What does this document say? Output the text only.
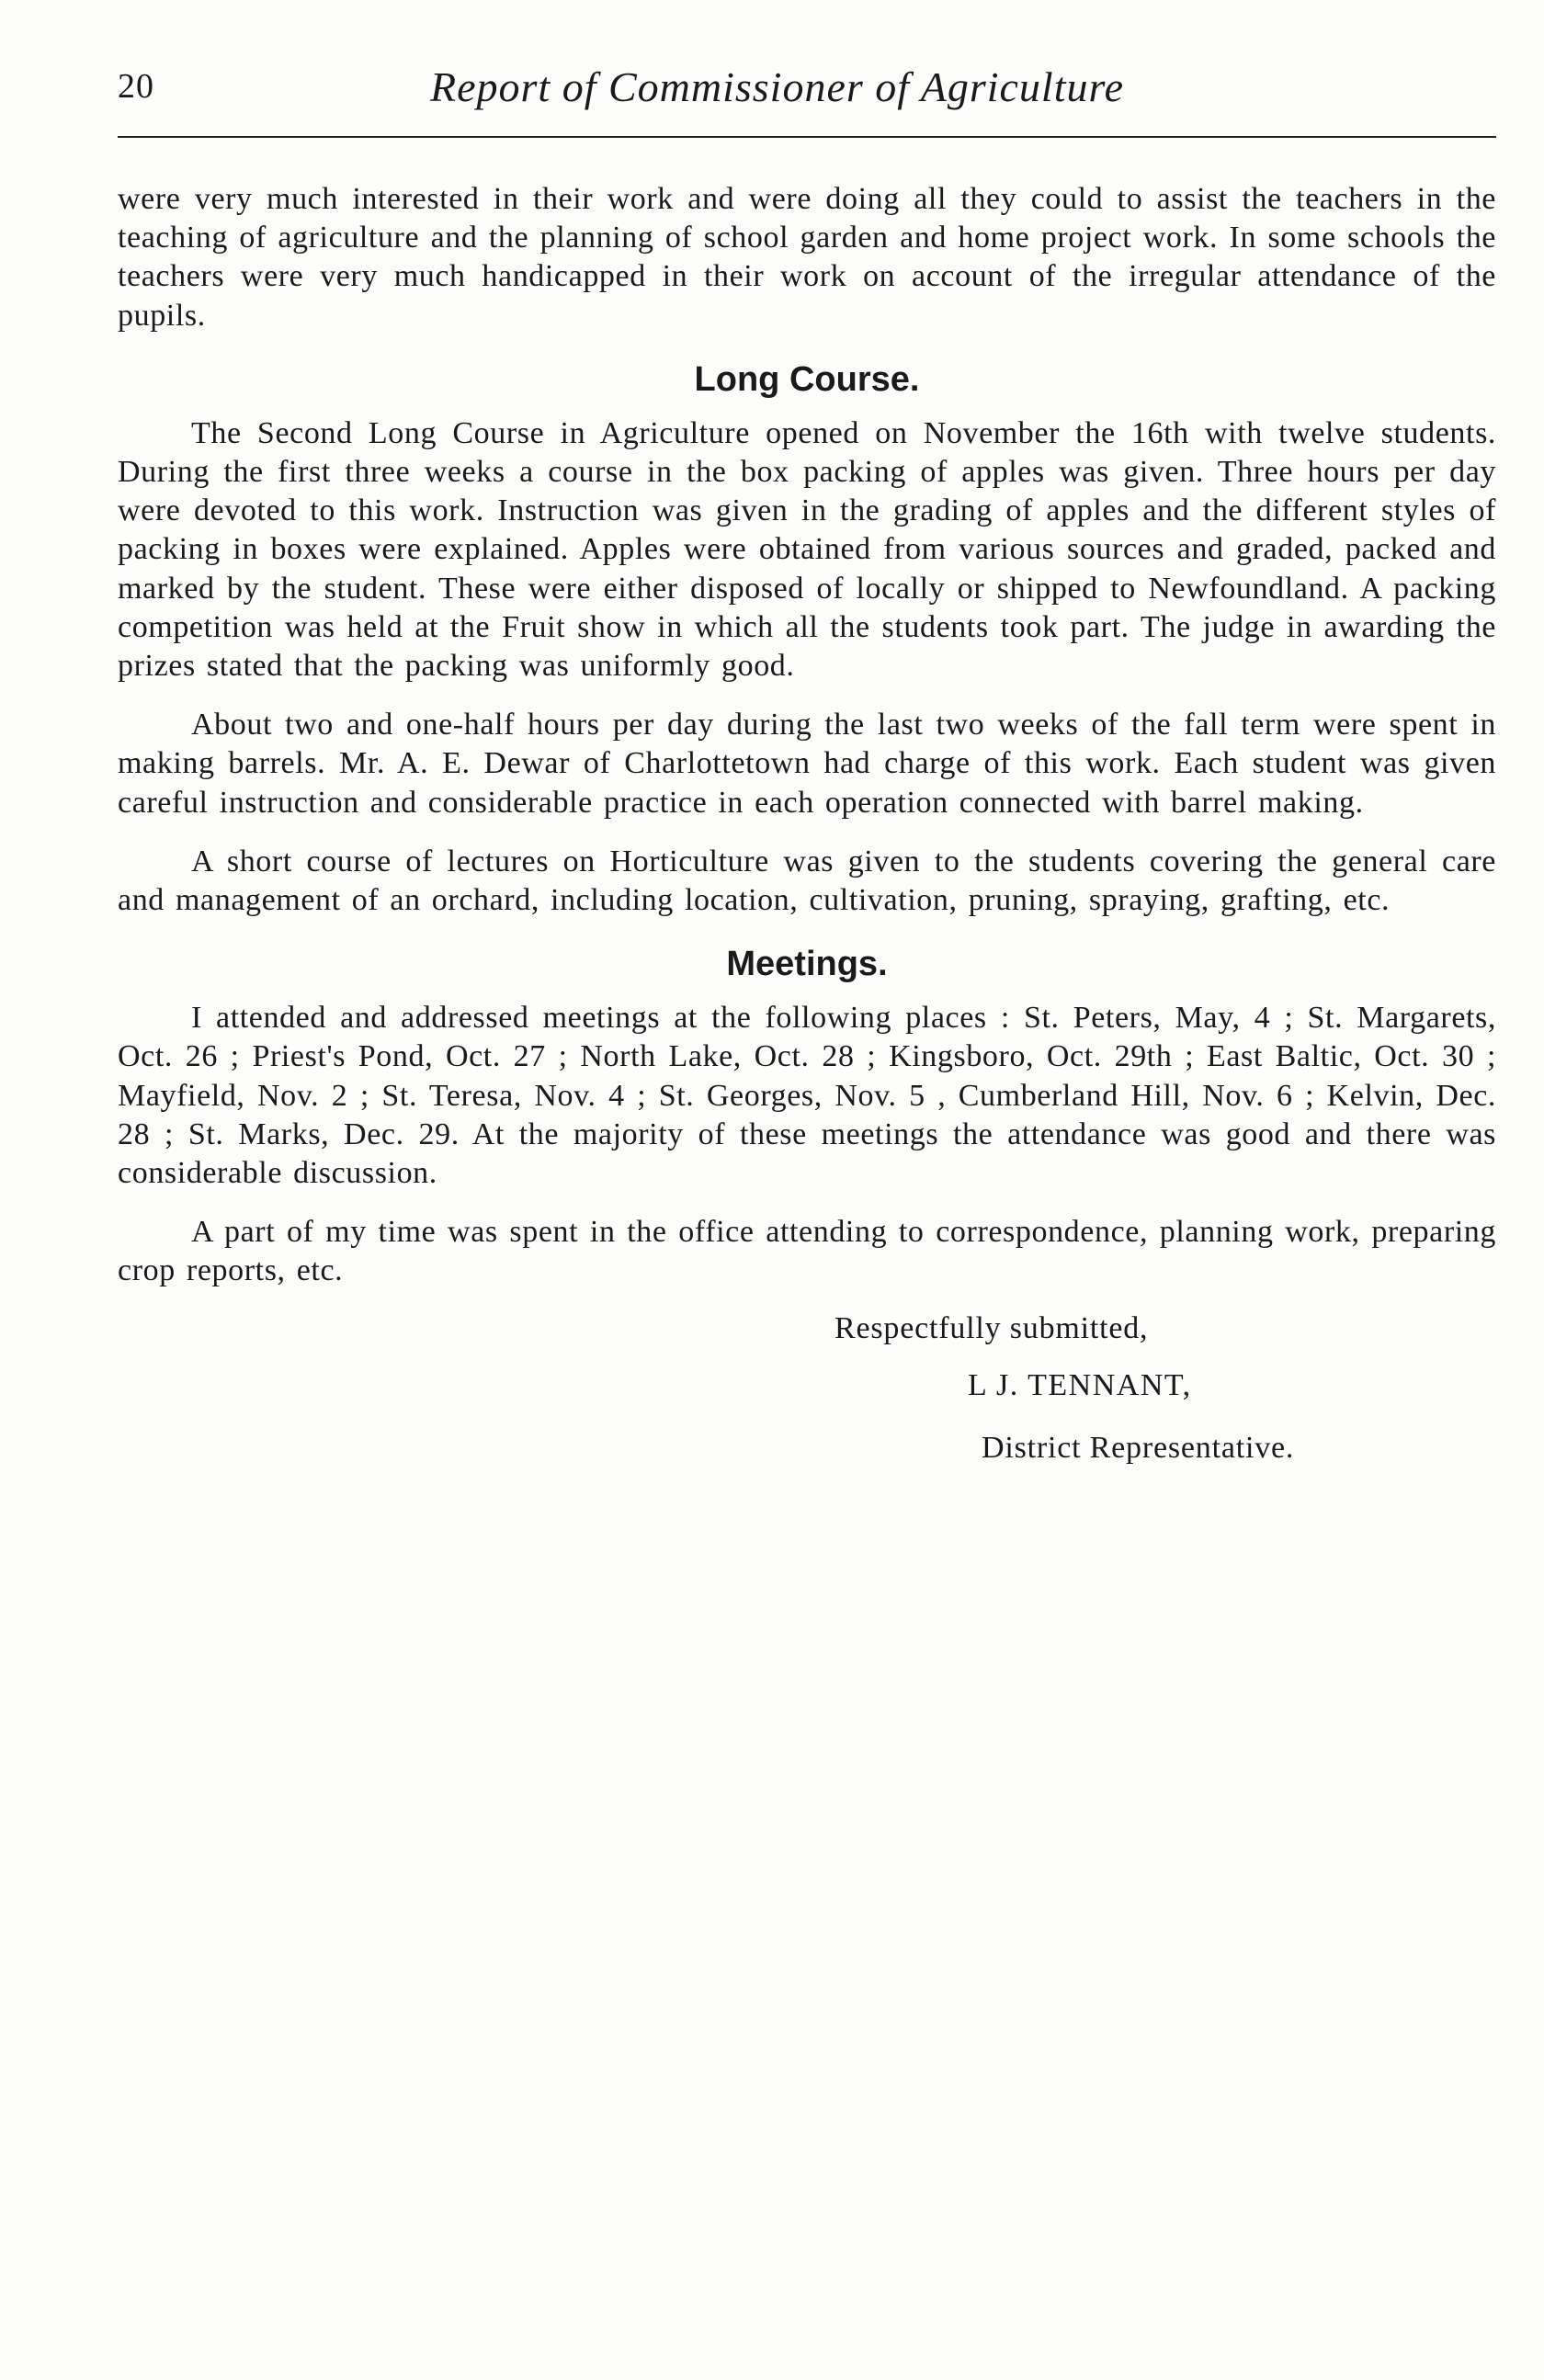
20	Report of Commissioner of Agriculture

were very much interested in their work and were doing all they could to assist the teachers in the teaching of agriculture and the planning of school garden and home project work. In some schools the teachers were very much handicapped in their work on account of the irregular attendance of the pupils.

Long Course.

The Second Long Course in Agriculture opened on November the 16th with twelve students. During the first three weeks a course in the box packing of apples was given. Three hours per day were devoted to this work. Instruction was given in the grading of apples and the different styles of packing in boxes were explained. Apples were obtained from various sources and graded, packed and marked by the student. These were either disposed of locally or shipped to Newfoundland. A packing competition was held at the Fruit show in which all the students took part. The judge in awarding the prizes stated that the packing was uniformly good.

About two and one-half hours per day during the last two weeks of the fall term were spent in making barrels. Mr. A. E. Dewar of Charlottetown had charge of this work. Each student was given careful instruction and considerable practice in each operation connected with barrel making.

A short course of lectures on Horticulture was given to the students covering the general care and management of an orchard, including location, cultivation, pruning, spraying, grafting, etc.

Meetings.

I attended and addressed meetings at the following places : St. Peters, May, 4 ; St. Margarets, Oct. 26 ; Priest's Pond, Oct. 27 ; North Lake, Oct. 28 ; Kingsboro, Oct. 29th ; East Baltic, Oct. 30 ; Mayfield, Nov. 2 ; St. Teresa, Nov. 4 ; St. Georges, Nov. 5 , Cumberland Hill, Nov. 6 ; Kelvin, Dec. 28 ; St. Marks, Dec. 29. At the majority of these meetings the attendance was good and there was considerable discussion.

A part of my time was spent in the office attending to correspondence, planning work, preparing crop reports, etc.

Respectfully submitted,
L J. TENNANT,
District Representative.
